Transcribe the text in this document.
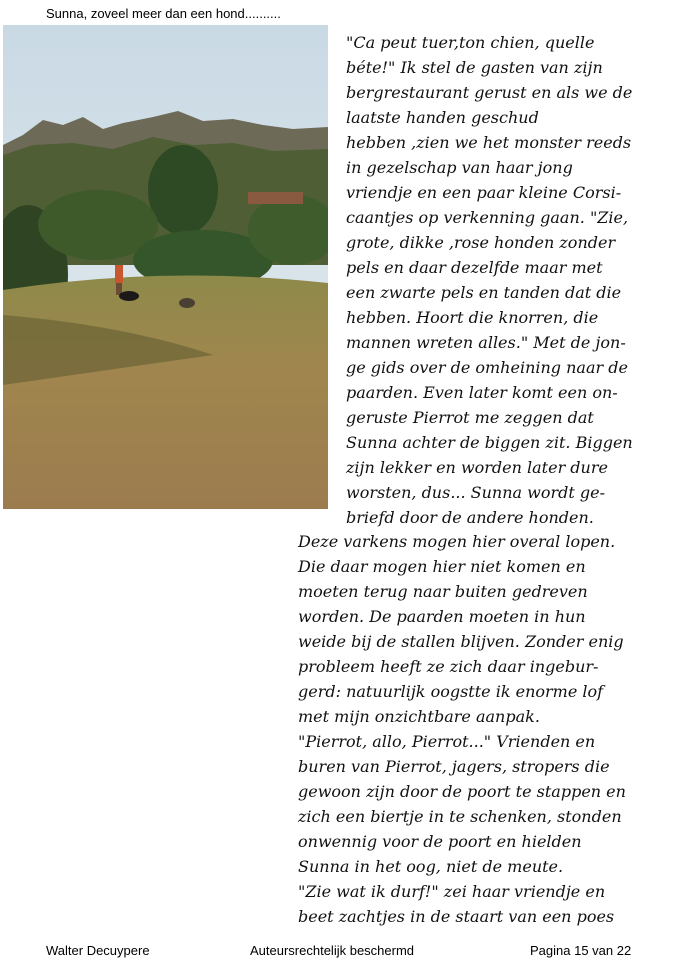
Sunna, zoveel meer dan een hond..........
"Ca peut tuer,ton chien, quelle
béte!" Ik stel de gasten van zijn
bergrestaurant gerust en als we de
laatste handen geschud
hebben ,zien we het monster reeds
in gezelschap van haar jong
vriendje en een paar kleine Corsi-
caantjes op verkenning gaan. "Zie,
grote, dikke ,rose honden zonder
pels en daar dezelfde maar met
een zwarte pels en tanden dat die
hebben. Hoort die knorren, die
mannen wreten alles." Met de jon-
ge gids over de omheining naar de
paarden. Even later komt een on-
geruste Pierrot me zeggen dat
Sunna achter de biggen zit. Biggen
zijn lekker en worden later dure
worsten, dus... Sunna wordt ge-
briefd door de andere honden.
Deze varkens mogen hier overal lopen.
Die daar mogen hier niet komen en
moeten terug naar buiten gedreven
worden. De paarden moeten in hun
weide bij de stallen blijven. Zonder enig
probleem heeft ze zich daar ingebur-
gerd: natuurlijk oogstte ik enorme lof
met mijn onzichtbare aanpak.
"Pierrot, allo, Pierrot..." Vrienden en
buren van Pierrot, jagers, stropers die
gewoon zijn door de poort te stappen en
zich een biertje in te schenken, stonden
onwennig voor de poort en hielden
Sunna in het oog, niet de meute.
"Zie wat ik durf!" zei haar vriendje en
beet zachtjes in de staart van een poes
Walter Decuypere	Auteursrechtelijk beschermd	Pagina 15 van 22
